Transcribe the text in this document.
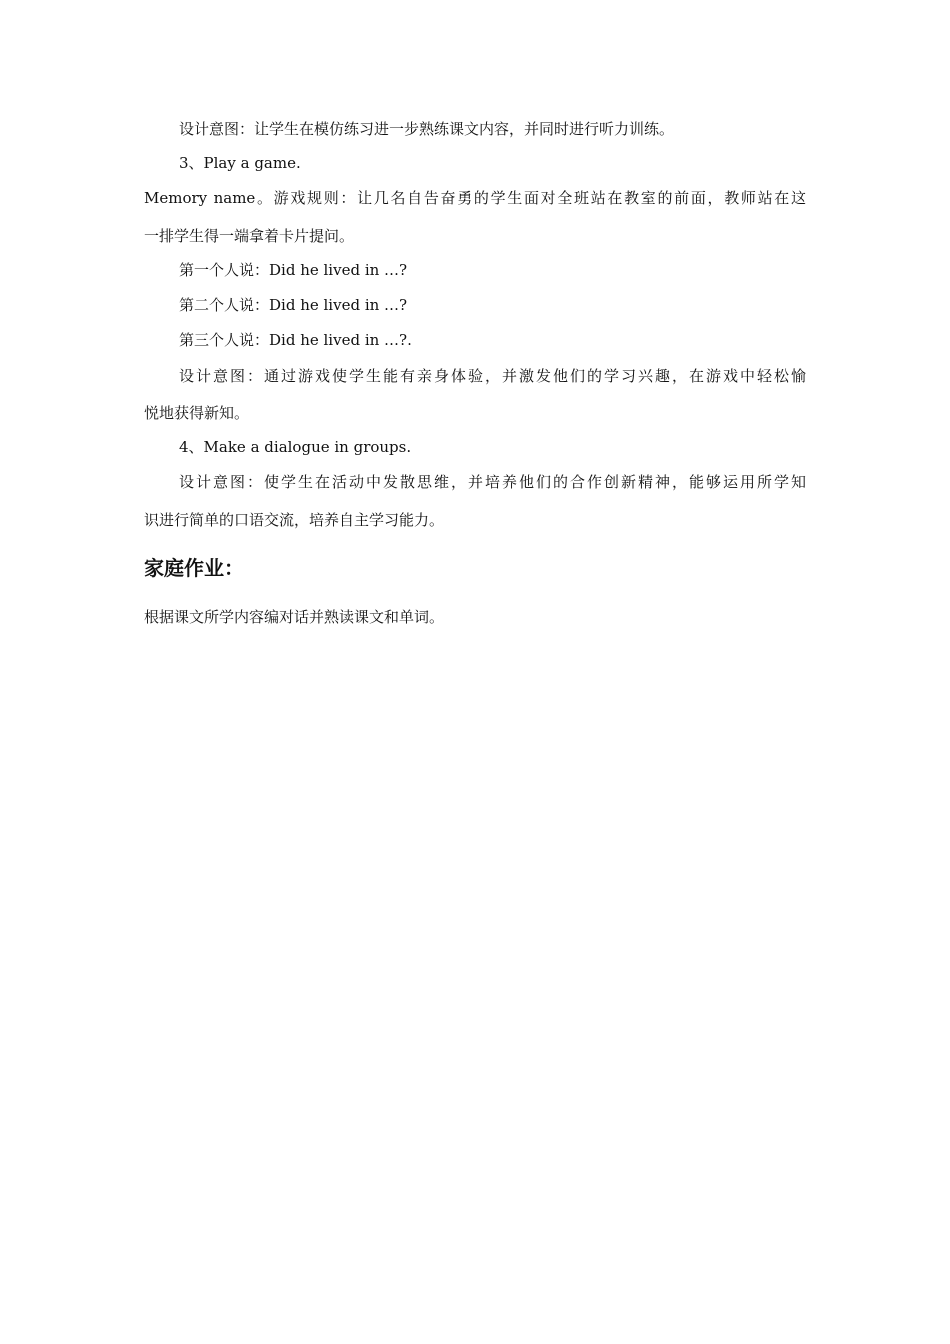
设计意图：让学生在模仿练习进一步熟练课文内容，并同时进行听力训练。
3、Play a game.
Memory name。游戏规则：让几名自告奋勇的学生面对全班站在教室的前面，教师站在这
一排学生得一端拿着卡片提问。
第一个人说：Did he lived in …?
第二个人说：Did he lived in …?
第三个人说：Did he lived in …?.
设计意图：通过游戏使学生能有亲身体验，并激发他们的学习兴趣，在游戏中轻松愉
悦地获得新知。
4、Make a dialogue in groups.
设计意图：使学生在活动中发散思维，并培养他们的合作创新精神，能够运用所学知
识进行简单的口语交流，培养自主学习能力。
家庭作业：
根据课文所学内容编对话并熟读课文和单词。
